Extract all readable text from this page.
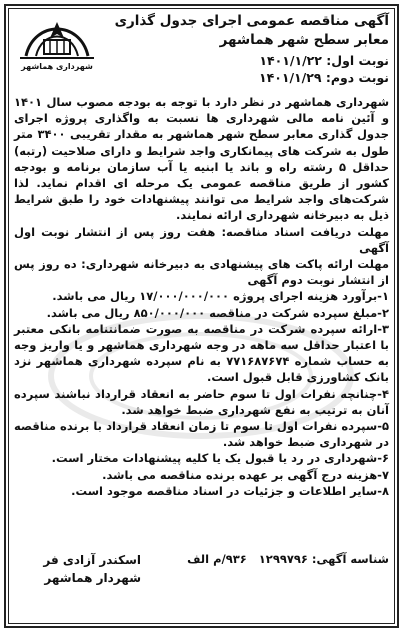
شهرداری هماشهر
آگهی مناقصه عمومی اجرای جدول گذاری معابر سطح شهر هماشهر
نوبت اول: ۱۴۰۱/۱/۲۲
نوبت دوم: ۱۴۰۱/۱/۲۹

شهرداری هماشهر در نظر دارد با توجه به بودجه مصوب سال ۱۴۰۱ و آئین نامه مالی شهرداری ها نسبت به واگذاری پروژه اجرای جدول گذاری معابر سطح شهر هماشهر به مقدار تقریبی ۳۴۰۰ متر طول به شرکت های پیمانکاری واجد شرایط و دارای صلاحیت (رتبه) حداقل ۵ رشته راه و باند یا ابنیه یا آب سازمان برنامه و بودجه کشور از طریق مناقصه عمومی یک مرحله ای اقدام نماید. لذا شرکت‌های واجد شرایط می توانند پیشنهادات خود را طبق شرایط ذیل به دبیرخانه شهرداری ارائه نمایند.

مهلت دریافت اسناد مناقصه: هفت روز پس از انتشار نوبت اول آگهی

مهلت ارائه پاکت های پیشنهادی به دبیرخانه شهرداری: ده روز پس از انتشار نوبت دوم آگهی

۱-برآورد هزینه اجرای پروژه ۱۷/۰۰۰/۰۰۰/۰۰۰ ریال می باشد.

۲-مبلغ سپرده شرکت در مناقصه ۸۵۰/۰۰۰/۰۰۰ ریال می باشد.

۳-ارائه سپرده شرکت در مناقصه به صورت ضمانتنامه بانکی معتبر با اعتبار حداقل سه ماهه در وجه شهرداری هماشهر و یا واریز وجه به حساب شماره ۷۷۱۶۸۷۶۷۴ به نام سپرده شهرداری هماشهر نزد بانک کشاورزی قابل قبول است.

۴-چنانچه نفرات اول تا سوم حاضر به انعقاد قرارداد نباشند سپرده آنان به ترتیب به نفع شهرداری ضبط خواهد شد.

۵-سپرده نفرات اول تا سوم تا زمان انعقاد قرارداد با برنده مناقصه در شهرداری ضبط خواهد شد.

۶-شهرداری در رد یا قبول یک یا کلیه پیشنهادات مختار است.

۷-هزینه درج آگهی بر عهده برنده مناقصه می باشد.

۸-سایر اطلاعات و جزئیات در اسناد مناقصه موجود است.

شناسه آگهی: ۱۲۹۹۷۹۶ ۹۳۶/م الف
اسکندر آزادی فر
شهردار هماشهر
